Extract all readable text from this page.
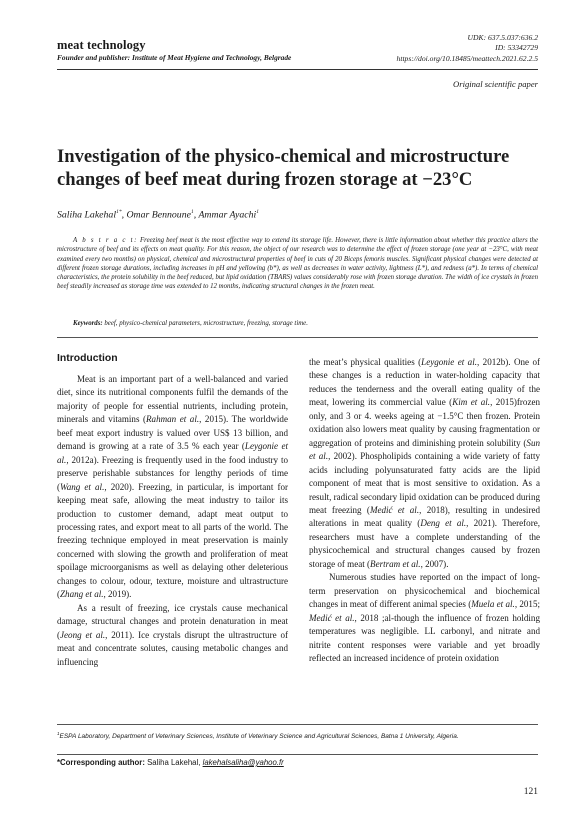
meat technology
Founder and publisher: Institute of Meat Hygiene and Technology, Belgrade
UDK: 637.5.037:636.2
ID: 53342729
https://doi.org/10.18485/meattech.2021.62.2.5
Original scientific paper
Investigation of the physico-chemical and microstructure changes of beef meat during frozen storage at −23°C
Saliha Lakehal$^{1*}$, Omar Bennoune$^1$, Ammar Ayachi$^1$
A b s t r a c t: Freezing beef meat is the most effective way to extend its storage life. However, there is little information about whether this practice alters the microstructure of beef and its effects on meat quality. For this reason, the object of our research was to determine the effect of frozen storage (one year at −23°C, with meat examined every two months) on physical, chemical and microstructural properties of beef in cuts of 20 Biceps femoris muscles. Significant physical changes were detected at different frozen storage durations, including increases in pH and yellowing (b*), as well as decreases in water activity, lightness (L*), and redness (a*). In terms of chemical characteristics, the protein solubility in the beef reduced, but lipid oxidation (TBARS) values considerably rose with frozen storage duration. The width of ice crystals in frozen beef steadily increased as storage time was extended to 12 months, indicating structural changes in the frozen meat.
Keywords: beef, physico-chemical parameters, microstructure, freezing, storage time.
Introduction

Meat is an important part of a well-balanced and varied diet, since its nutritional components fulfil the demands of the majority of people for essential nutrients, including protein, minerals and vitamins (Rahman et al., 2015). The worldwide beef meat export industry is valued over US$ 13 billion, and demand is growing at a rate of 3.5 % each year (Leygonie et al., 2012a). Freezing is frequently used in the food industry to preserve perishable substances for lengthy periods of time (Wang et al., 2020). Freezing, in particular, is important for keeping meat safe, allowing the meat industry to tailor its production to customer demand, adapt meat output to processing rates, and export meat to all parts of the world. The freezing technique employed in meat preservation is mainly concerned with slowing the growth and proliferation of meat spoilage microorganisms as well as delaying other deleterious changes to colour, odour, texture, moisture and ultrastructure (Zhang et al., 2019).

As a result of freezing, ice crystals cause mechanical damage, structural changes and protein denaturation in meat (Jeong et al., 2011). Ice crystals disrupt the ultrastructure of meat and concentrate solutes, causing metabolic changes and influencing

the meat’s physical qualities (Leygonie et al., 2012b). One of these changes is a reduction in water-holding capacity that reduces the tenderness and the overall eating quality of the meat, lowering its commercial value (Kim et al., 2015)frozen only, and 3 or 4. weeks ageing at −1.5°C then frozen. Protein oxidation also lowers meat quality by causing fragmentation or aggregation of proteins and diminishing protein solubility (Sun et al., 2002). Phospholipids containing a wide variety of fatty acids including polyunsaturated fatty acids are the lipid component of meat that is most sensitive to oxidation. As a result, radical secondary lipid oxidation can be produced during meat freezing (Medić et al., 2018), resulting in undesired alterations in meat quality (Deng et al., 2021). Therefore, researchers must have a complete understanding of the physicochemical and structural changes caused by frozen storage of meat (Bertram et al., 2007).

Numerous studies have reported on the impact of long-term preservation on physicochemical and biochemical changes in meat of different animal species (Muela et al., 2015; Medić et al., 2018 ;al-though the influence of frozen holding temperatures was negligible. LL carbonyl, and nitrate and nitrite content responses were variable and yet broadly reflected an increased incidence of protein oxidation

$^1$ESPA Laboratory, Department of Veterinary Sciences, Institute of Veterinary Science and Agricultural Sciences, Batna 1 University, Algeria.
*Corresponding author: Saliha Lakehal, lakehalsaliha@yahoo.fr
121
